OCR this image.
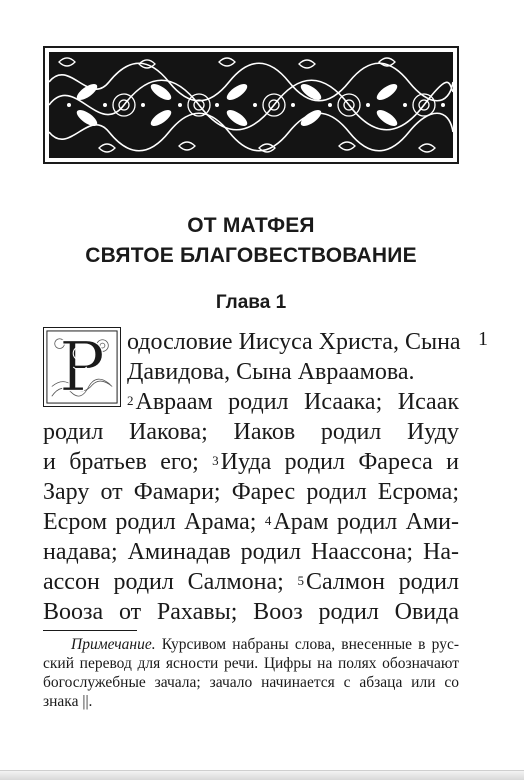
ОТ МАТФЕЯ
СВЯТОЕ БЛАГОВЕСТВОВАНИЕ
Глава 1
Р	1

одословие Иисуса Христа, Сына

Давидова, Сына Авраамова.

$^2$Авраам родил Исаака; Исаак

родил Иакова; Иаков родил Иуду

и братьев его; $^3$Иуда родил Фареса и

Зару от Фамари; Фарес родил Есрома;

Есром родил Арама; $^4$Арам родил Ами-

надава; Аминадав родил Наассона; На-

ассон родил Салмона; $^5$Салмон родил

Вооза от Рахавы; Вооз родил Овида

Примечание. Курсивом набраны слова, внесенные в рус-
ский перевод для ясности речи. Цифры на полях обозначают
богослужебные зачала; зачало начинается с абзаца или со
знака ||.
